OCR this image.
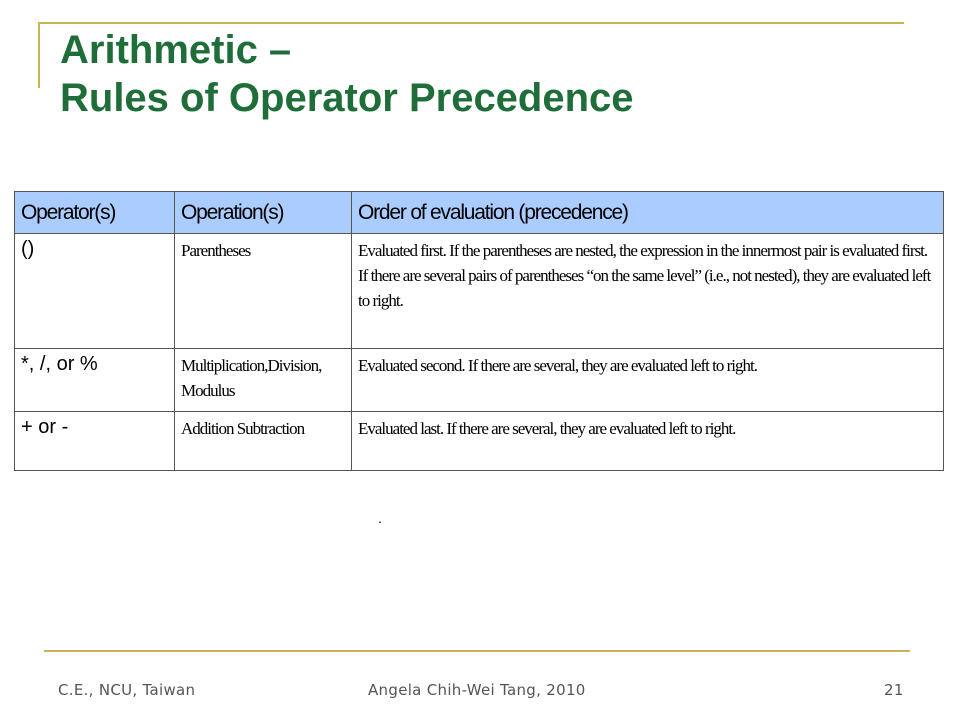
Arithmetic –
Rules of Operator Precedence
Operator(s)	Operation(s)	Order of evaluation (precedence)
()	Parentheses	Evaluated first. If the parentheses are nested, the expression in the innermost pair is evaluated first. If there are several pairs of parentheses “on the same level” (i.e., not nested), they are evaluated left to right.
*, /, or %	Multiplication,Division, Modulus	Evaluated second. If there are several, they are evaluated left to right.
+ or -	Addition Subtraction	Evaluated last. If there are several, they are evaluated left to right.
.
C.E., NCU, Taiwan	Angela Chih-Wei Tang, 2010	21
